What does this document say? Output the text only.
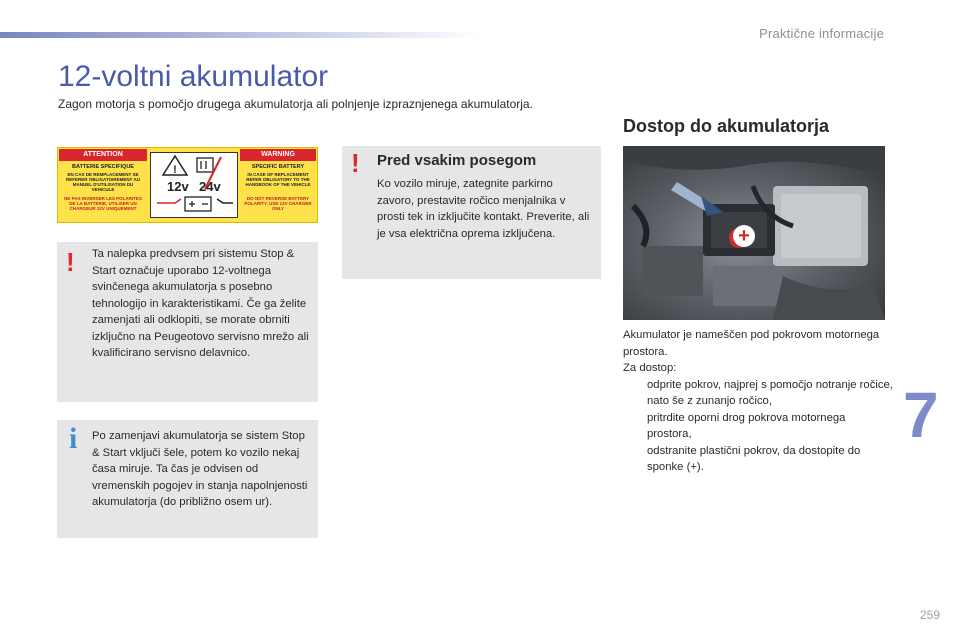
Praktične informacije
12-voltni akumulator
Zagon motorja s pomočjo drugega akumulatorja ali polnjenje izpraznjenega akumulatorja.
ATTENTION	WARNING
BATTERIE SPECIFIQUE
EN CAS DE REMPLACEMENT SE REFERER OBLIGATOIREMENT AU MANUEL D'UTILISATION DU VEHICULE
NE PAS INVERSER LES POLARITES DE LA BATTERIE, UTILISER UN CHARGEUR 12V UNIQUEMENT
!
12v 24v
SPECIFIC BATTERY
IN CASE OF REPLACEMENT REFER OBLIGATORY TO THE HANDBOOK OF THE VEHICLE
DO NOT REVERSE BATTERY POLARITY, USE 12V CHARGER ONLY
! Ta nalepka predvsem pri sistemu Stop & Start označuje uporabo 12-voltnega svinčenega akumulatorja s posebno tehnologijo in karakteristikami. Če ga želite zamenjati ali odklopiti, se morate obrniti izključno na Peugeotovo servisno mrežo ali kvalificirano servisno delavnico.

i Po zamenjavi akumulatorja se sistem Stop & Start vključi šele, potem ko vozilo nekaj časa miruje. Ta čas je odvisen od vremenskih pogojev in stanja napolnjenosti akumulatorja (do približno osem ur).

! Pred vsakim posegom

Ko vozilo miruje, zategnite parkirno zavoro, prestavite ročico menjalnika v prosti tek in izključite kontakt. Preverite, ali je vsa električna oprema izključena.

Dostop do akumulatorja
+

Akumulator je nameščen pod pokrovom motornega prostora.

Za dostop:

odprite pokrov, najprej s pomočjo notranje ročice, nato še z zunanjo ročico,
pritrdite oporni drog pokrova motornega prostora,
odstranite plastični pokrov, da dostopite do sponke (+).
7
259
